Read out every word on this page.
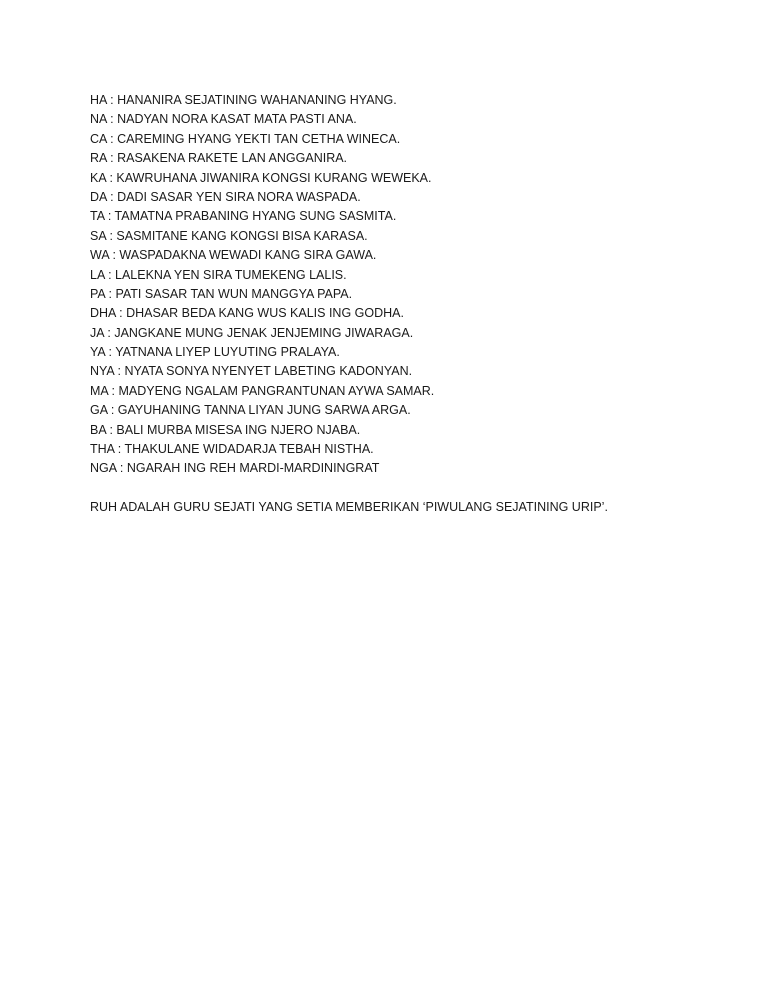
HA : HANANIRA SEJATINING WAHANANING HYANG.
NA : NADYAN NORA KASAT MATA PASTI ANA.
CA : CAREMING HYANG YEKTI TAN CETHA WINECA.
RA : RASAKENA RAKETE LAN ANGGANIRA.
KA : KAWRUHANA JIWANIRA KONGSI KURANG WEWEKA.
DA : DADI SASAR YEN SIRA NORA WASPADA.
TA : TAMATNA PRABANING HYANG SUNG SASMITA.
SA : SASMITANE KANG KONGSI BISA KARASA.
WA : WASPADAKNA WEWADI KANG SIRA GAWA.
LA : LALEKNA YEN SIRA TUMEKENG LALIS.
PA : PATI SASAR TAN WUN MANGGYA PAPA.
DHA : DHASAR BEDA KANG WUS KALIS ING GODHA.
JA : JANGKANE MUNG JENAK JENJEMING JIWARAGA.
YA : YATNANA LIYEP LUYUTING PRALAYA.
NYA : NYATA SONYA NYENYET LABETING KADONYAN.
MA : MADYENG NGALAM PANGRANTUNAN AYWA SAMAR.
GA : GAYUHANING TANNA LIYAN JUNG SARWA ARGA.
BA : BALI MURBA MISESA ING NJERO NJABA.
THA : THAKULANE WIDADARJA TEBAH NISTHA.
NGA : NGARAH ING REH MARDI-MARDININGRAT
RUH ADALAH GURU SEJATI YANG SETIA MEMBERIKAN ‘PIWULANG SEJATINING URIP’.
